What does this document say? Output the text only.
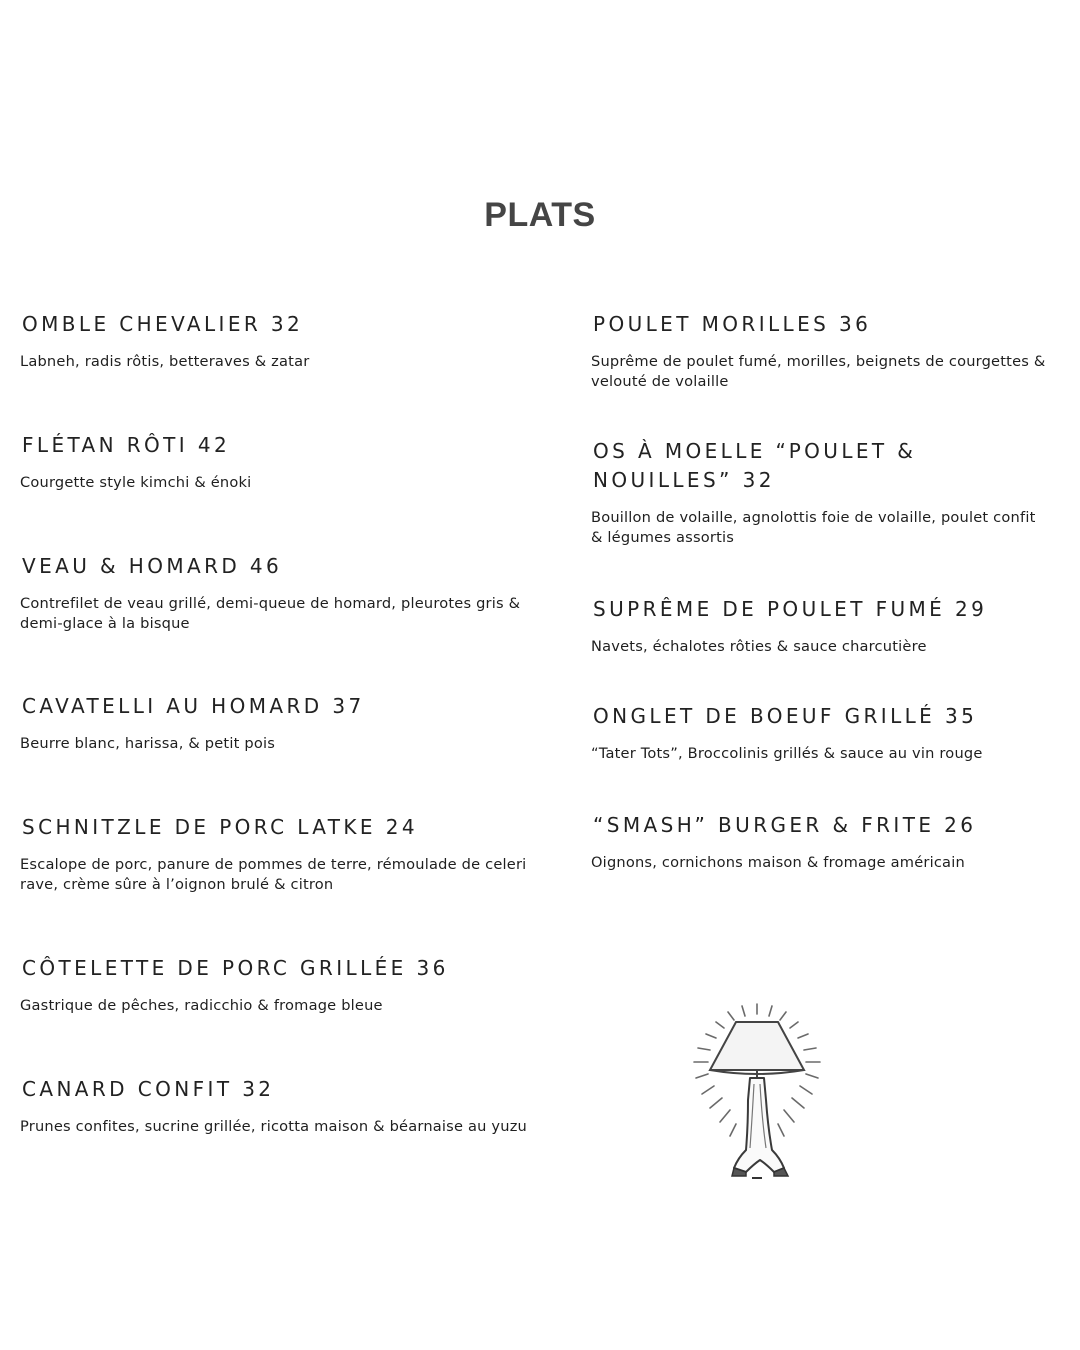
PLATS
OMBLE CHEVALIER 32

Labneh, radis rôtis, betteraves & zatar

FLÉTAN RÔTI 42

Courgette style kimchi & énoki

VEAU & HOMARD 46

Contrefilet de veau grillé, demi-queue de homard, pleurotes gris & demi-glace à la bisque

CAVATELLI AU HOMARD 37

Beurre blanc, harissa, & petit pois

SCHNITZLE DE PORC LATKE 24

Escalope de porc, panure de pommes de terre, rémoulade de celeri rave, crème sûre à l’oignon brulé & citron

CÔTELETTE DE PORC GRILLÉE 36

Gastrique de pêches, radicchio & fromage bleue

CANARD CONFIT 32

Prunes confites, sucrine grillée, ricotta maison & béarnaise au yuzu

POULET MORILLES 36

Suprême de poulet fumé, morilles, beignets de courgettes & velouté de volaille

OS À MOELLE “POULET & NOUILLES” 32

Bouillon de volaille, agnolottis foie de volaille, poulet confit & légumes assortis

SUPRÊME DE POULET FUMÉ 29

Navets, échalotes rôties & sauce charcutière

ONGLET DE BOEUF GRILLÉ 35

“Tater Tots”, Broccolinis grillés & sauce au vin rouge

“SMASH” BURGER & FRITE 26

Oignons, cornichons maison & fromage américain
